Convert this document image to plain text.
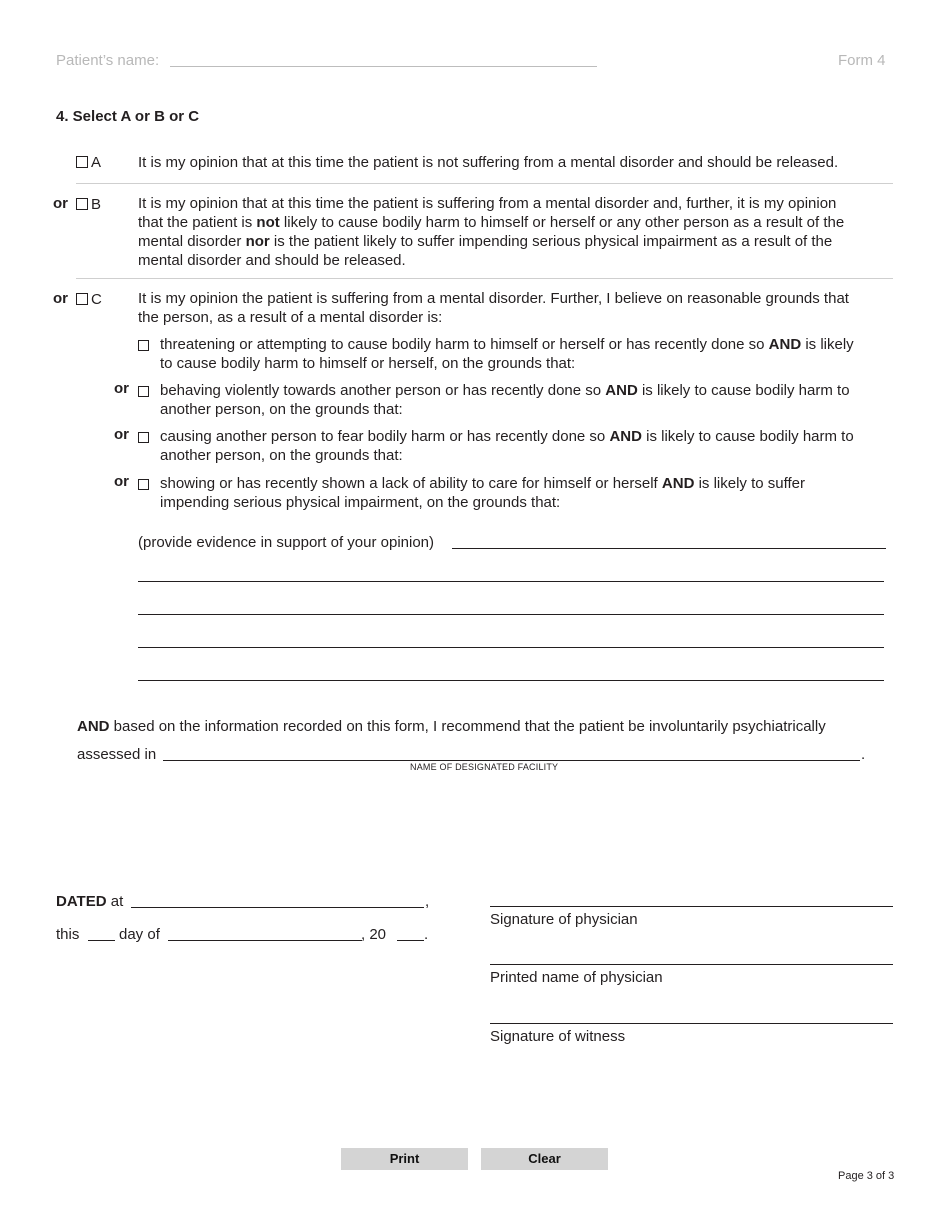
Patient’s name:	Form 4
4. Select A or B or C
A It is my opinion that at this time the patient is not suffering from a mental disorder and should be released.
or	B It is my opinion that at this time the patient is suffering from a mental disorder and, further, it is my opinion
that the patient is not likely to cause bodily harm to himself or herself or any other person as a result of the
mental disorder nor is the patient likely to suffer impending serious physical impairment as a result of the
mental disorder and should be released.
or	C It is my opinion the patient is suffering from a mental disorder. Further, I believe on reasonable grounds that
the person, as a result of a mental disorder is:
threatening or attempting to cause bodily harm to himself or herself or has recently done so AND is likely
to cause bodily harm to himself or herself, on the grounds that:
or behaving violently towards another person or has recently done so AND is likely to cause bodily harm to
another person, on the grounds that:
or causing another person to fear bodily harm or has recently done so AND is likely to cause bodily harm to
another person, on the grounds that:
or showing or has recently shown a lack of ability to care for himself or herself AND is likely to suffer
impending serious physical impairment, on the grounds that:
(provide evidence in support of your opinion)
AND based on the information recorded on this form, I recommend that the patient be involuntarily psychiatrically
assessed in	.
NAME OF DESIGNATED FACILITY
DATED at	,
this	day of	, 20	.
Signature of physician
Printed name of physician
Signature of witness
Print	Clear
Page 3 of 3
